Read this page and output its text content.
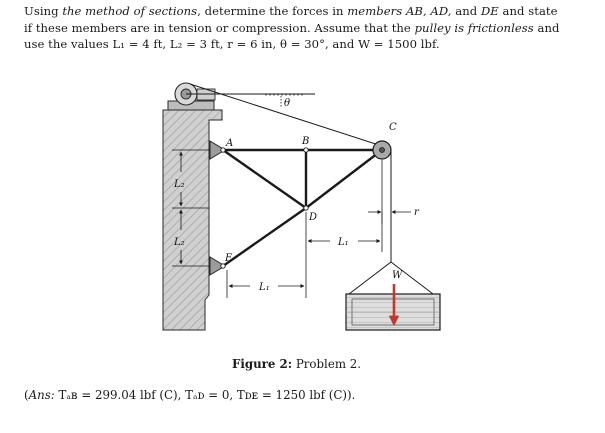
Using the method of sections, determine the forces in members AB, AD, and DE and state
if these members are in tension or compression. Assume that the pulley is frictionless and
use the values L₁ = 4 ft, L₂ = 3 ft, r = 6 in, θ = 30°, and W = 1500 lbf.
θ
L₂
L₂
L₁
L₁
r
A	B
C
D
E
W
Figure 2: Problem 2.
(Ans: Tₐʙ = 299.04 lbf (C), Tₐᴅ = 0, Tᴅᴇ = 1250 lbf (C)).
